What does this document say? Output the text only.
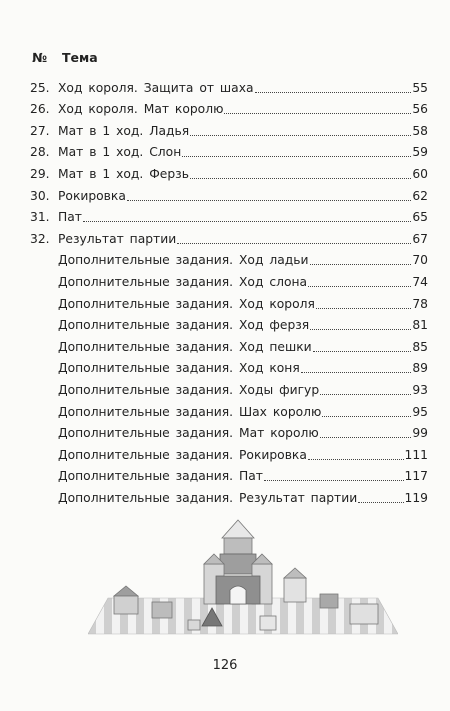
№ Тема
25. Ход короля. Защита от шаха	55
26. Ход короля. Мат королю	56
27. Мат в 1 ход. Ладья	58
28. Мат в 1 ход. Слон	59
29. Мат в 1 ход. Ферзь	60
30. Рокировка	62
31. Пат	65
32. Результат партии	67
Дополнительные задания. Ход ладьи	70
Дополнительные задания. Ход слона	74
Дополнительные задания. Ход короля	78
Дополнительные задания. Ход ферзя	81
Дополнительные задания. Ход пешки	85
Дополнительные задания. Ход коня	89
Дополнительные задания. Ходы фигур	93
Дополнительные задания. Шах королю	95
Дополнительные задания. Мат королю	99
Дополнительные задания. Рокировка	111
Дополнительные задания. Пат	117
Дополнительные задания. Результат партии	119
126
